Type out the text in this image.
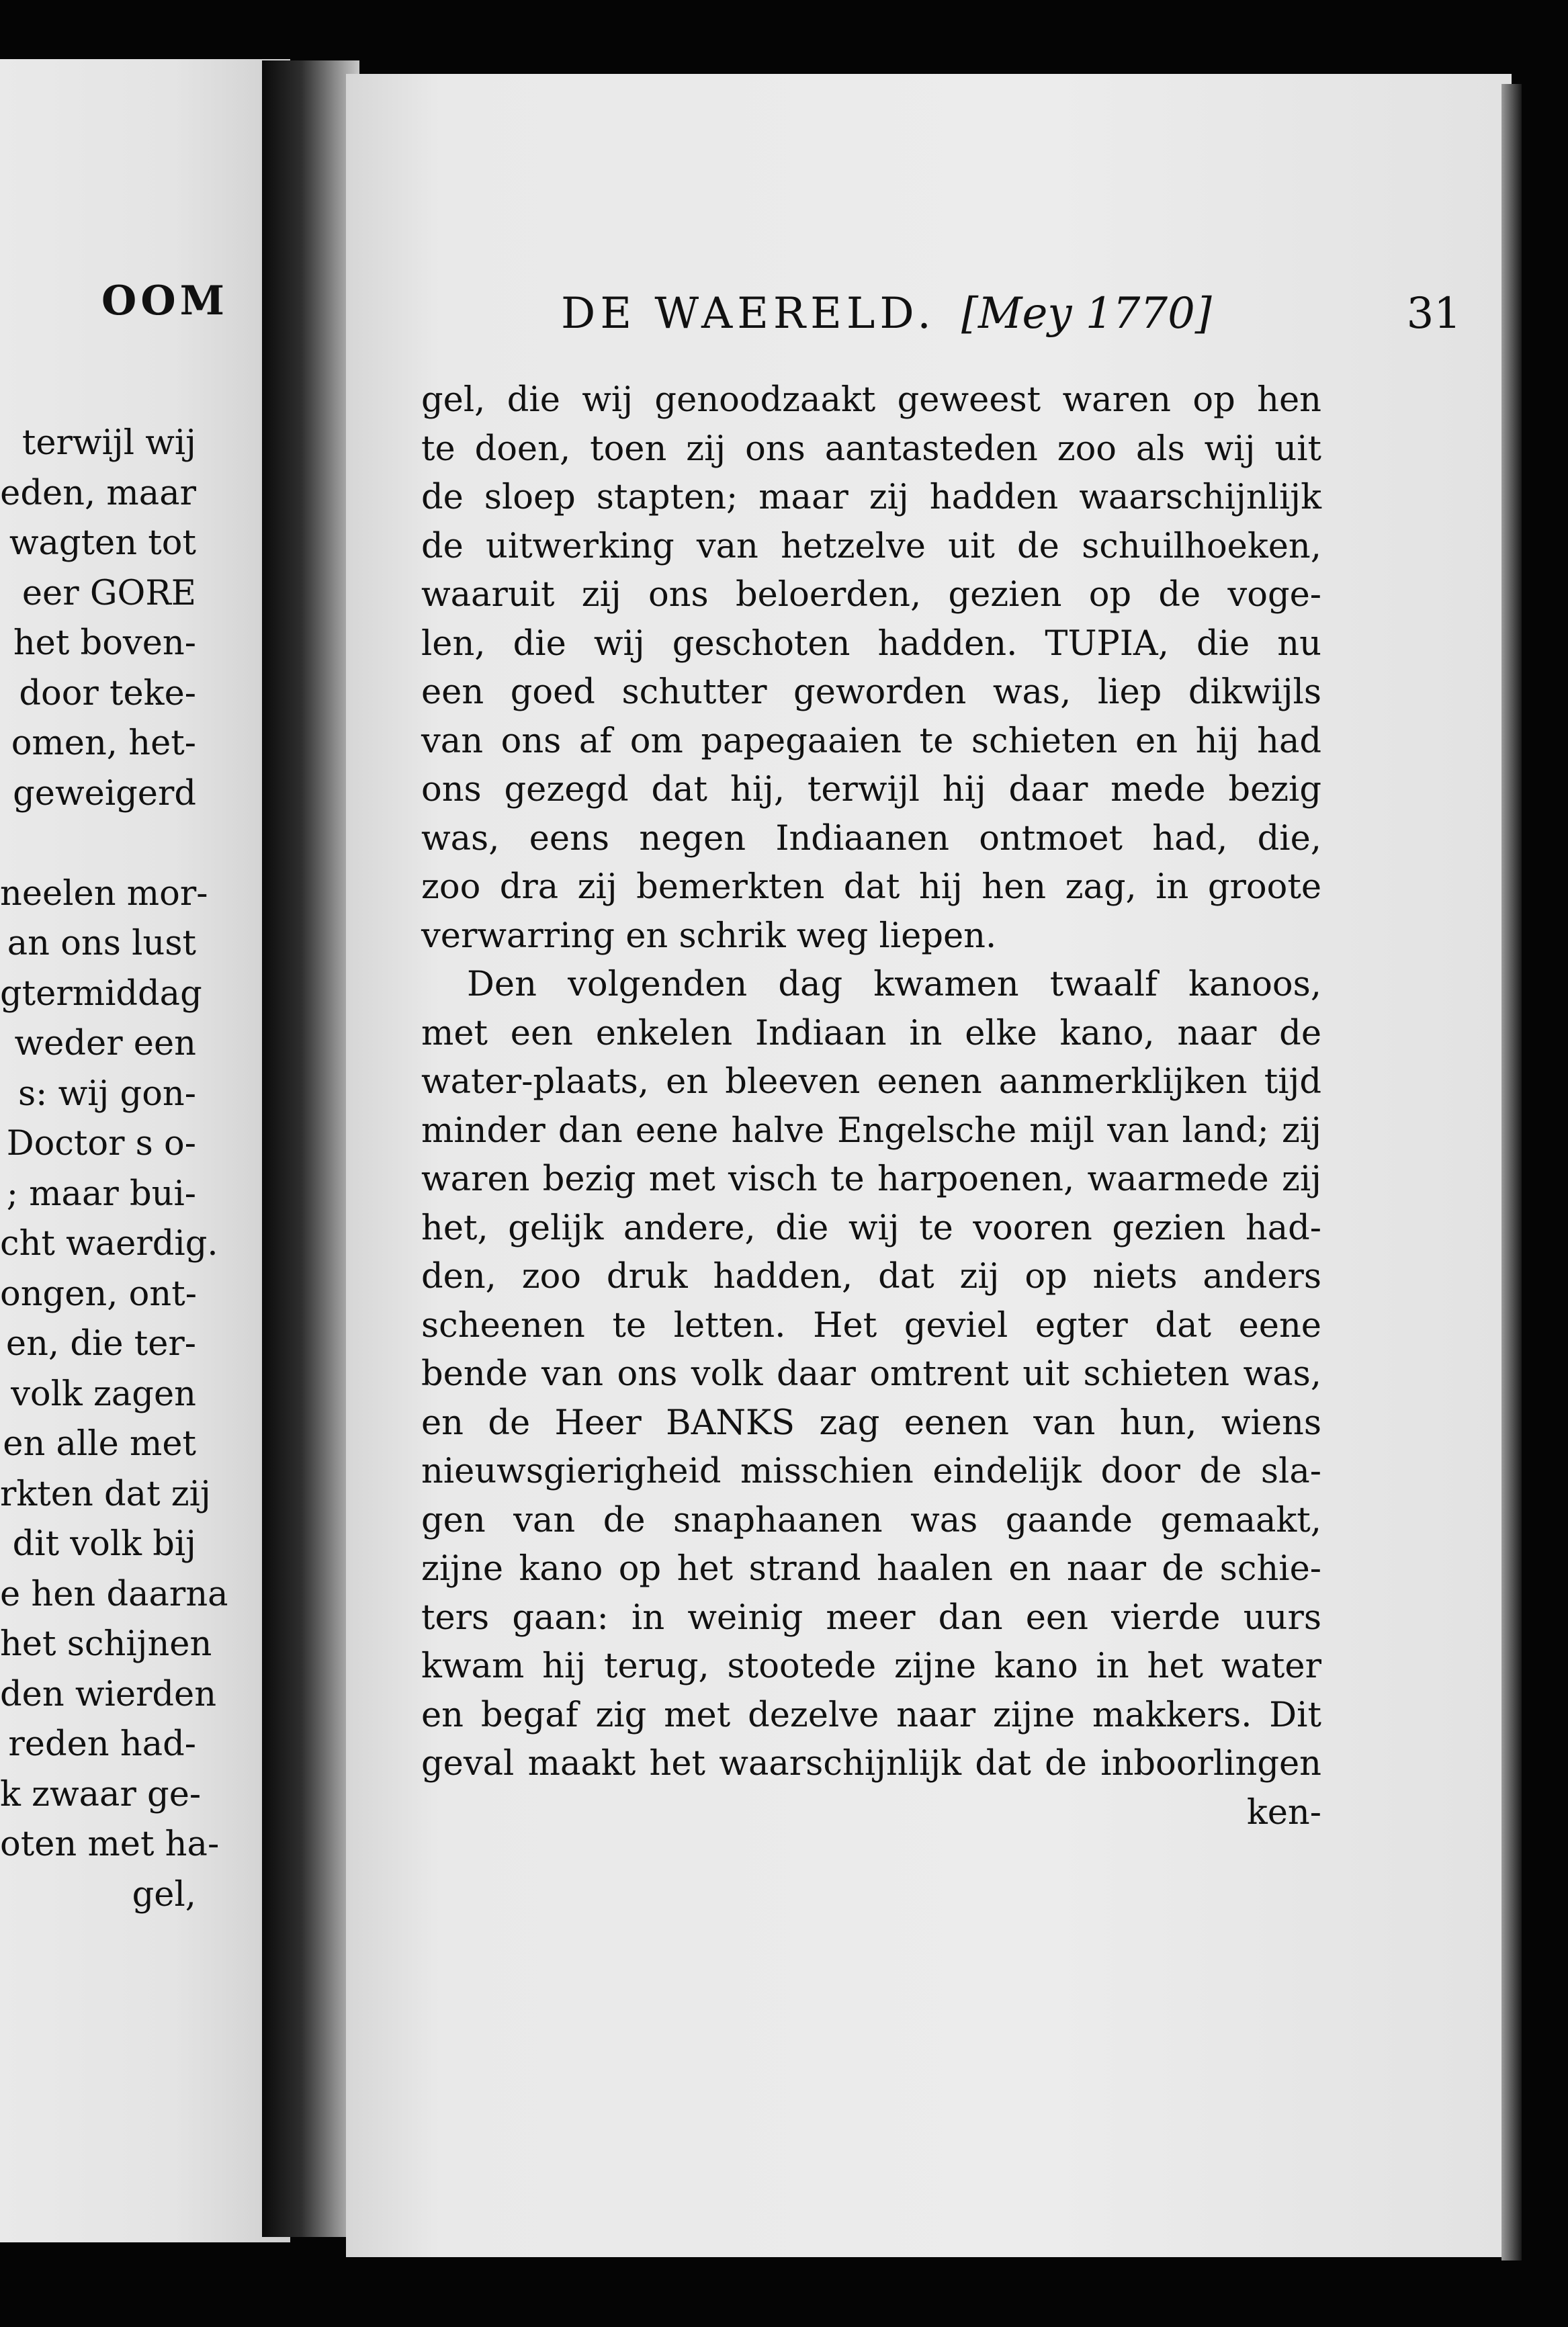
OOM
terwijl wij
eden, maar
wagten tot
eer GORE
het boven-
door teke-
omen, het-
geweigerd
neelen mor-
an ons lust
gtermiddag
weder een
s: wij gon-
Doctor s o-
; maar bui-
cht waerdig.
ongen, ont-
en, die ter-
volk zagen
en alle met
rkten dat zij
dit volk bij
e hen daarna
het schijnen
den wierden
reden had-
k zwaar ge-
oten met ha-
gel,
DE WAERELD. [Mey 1770]	31
gel, die wij genoodzaakt geweest waren op hen
te doen, toen zij ons aantasteden zoo als wij uit
de sloep stapten; maar zij hadden waarschijnlijk
de uitwerking van hetzelve uit de schuilhoeken,
waaruit zij ons beloerden, gezien op de voge-
len, die wij geschoten hadden. TUPIA, die nu
een goed schutter geworden was, liep dikwijls
van ons af om papegaaien te schieten en hij had
ons gezegd dat hij, terwijl hij daar mede bezig
was, eens negen Indiaanen ontmoet had, die,
zoo dra zij bemerkten dat hij hen zag, in groote
verwarring en schrik weg liepen.
Den volgenden dag kwamen twaalf kanoos,
met een enkelen Indiaan in elke kano, naar de
water-plaats, en bleeven eenen aanmerklijken tijd
minder dan eene halve Engelsche mijl van land; zij
waren bezig met visch te harpoenen, waarmede zij
het, gelijk andere, die wij te vooren gezien had-
den, zoo druk hadden, dat zij op niets anders
scheenen te letten. Het geviel egter dat eene
bende van ons volk daar omtrent uit schieten was,
en de Heer BANKS zag eenen van hun, wiens
nieuwsgierigheid misschien eindelijk door de sla-
gen van de snaphaanen was gaande gemaakt,
zijne kano op het strand haalen en naar de schie-
ters gaan: in weinig meer dan een vierde uurs
kwam hij terug, stootede zijne kano in het water
en begaf zig met dezelve naar zijne makkers. Dit
geval maakt het waarschijnlijk dat de inboorlingen
ken-
